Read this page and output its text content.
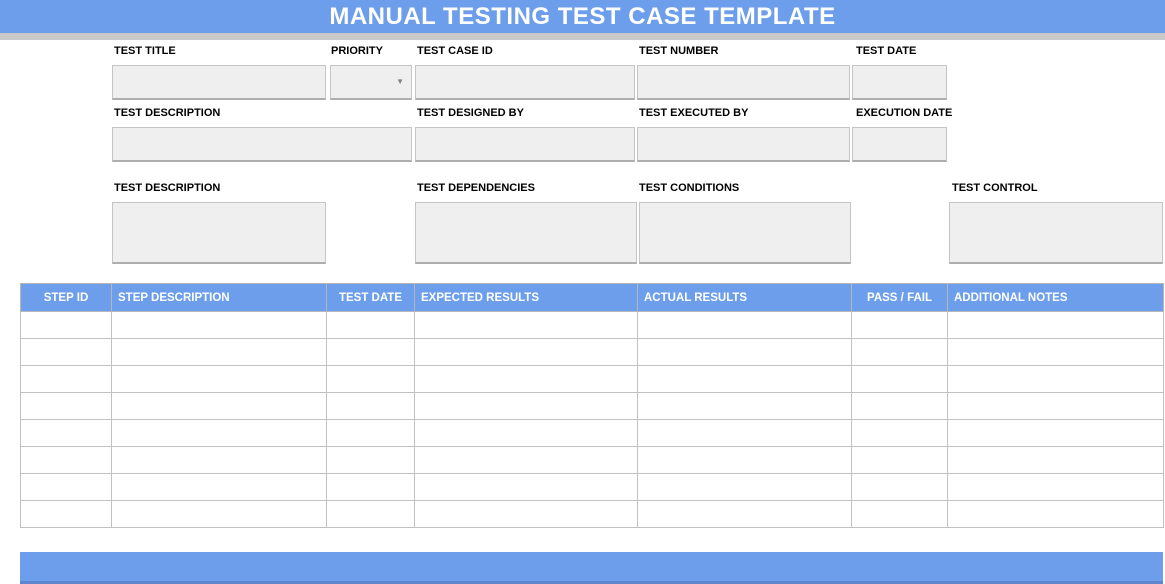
MANUAL TESTING TEST CASE TEMPLATE
TEST TITLE	PRIORITY	TEST CASE ID	TEST NUMBER	TEST DATE
▼
TEST DESCRIPTION	TEST DESIGNED BY	TEST EXECUTED BY	EXECUTION DATE
TEST DESCRIPTION	TEST DEPENDENCIES	TEST CONDITIONS	TEST CONTROL
STEP ID	STEP DESCRIPTION	TEST DATE	EXPECTED RESULTS	ACTUAL RESULTS	PASS / FAIL	ADDITIONAL NOTES
